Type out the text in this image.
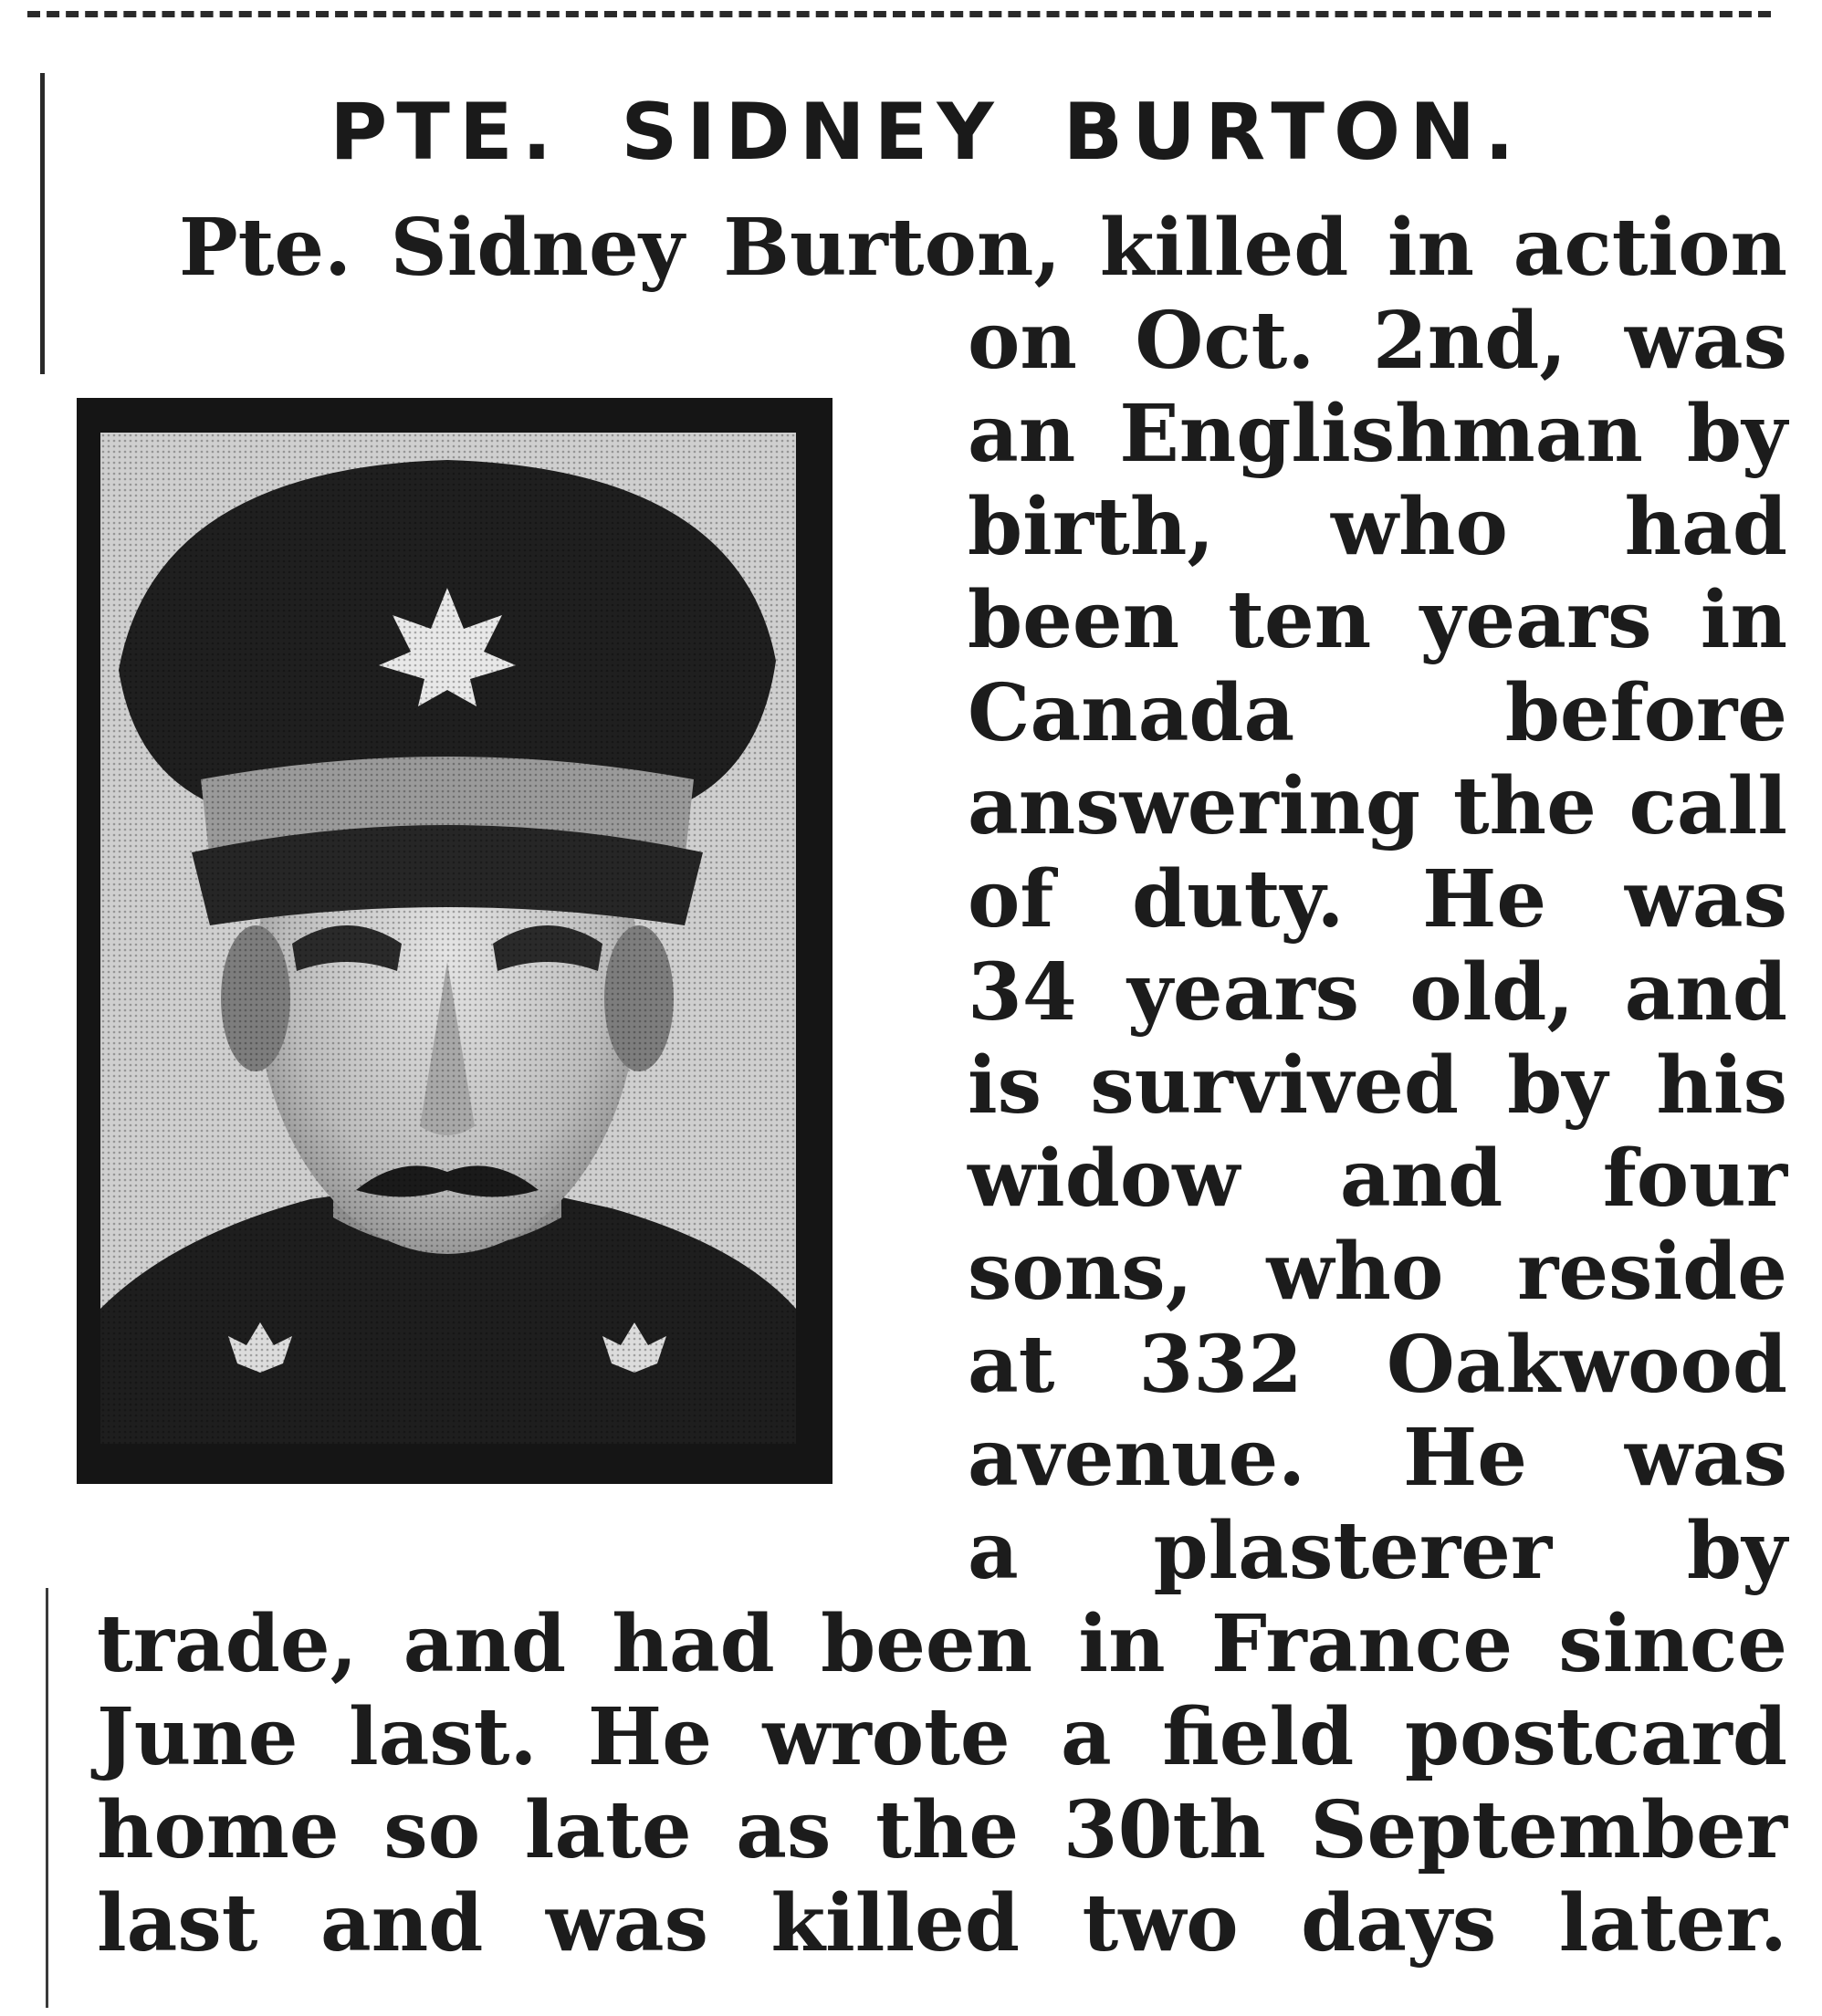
PTE. SIDNEY BURTON.

Pte. Sidney Burton, killed in action

on Oct. 2nd, was

an Englishman by

birth, who had

been ten years in

Canada before

answering the call

of duty. He was

34 years old, and

is survived by his

widow and four

sons, who reside

at 332 Oakwood

avenue. He was

a plasterer by

trade, and had been in France since

June last. He wrote a field postcard

home so late as the 30th September

last and was killed two days later.
